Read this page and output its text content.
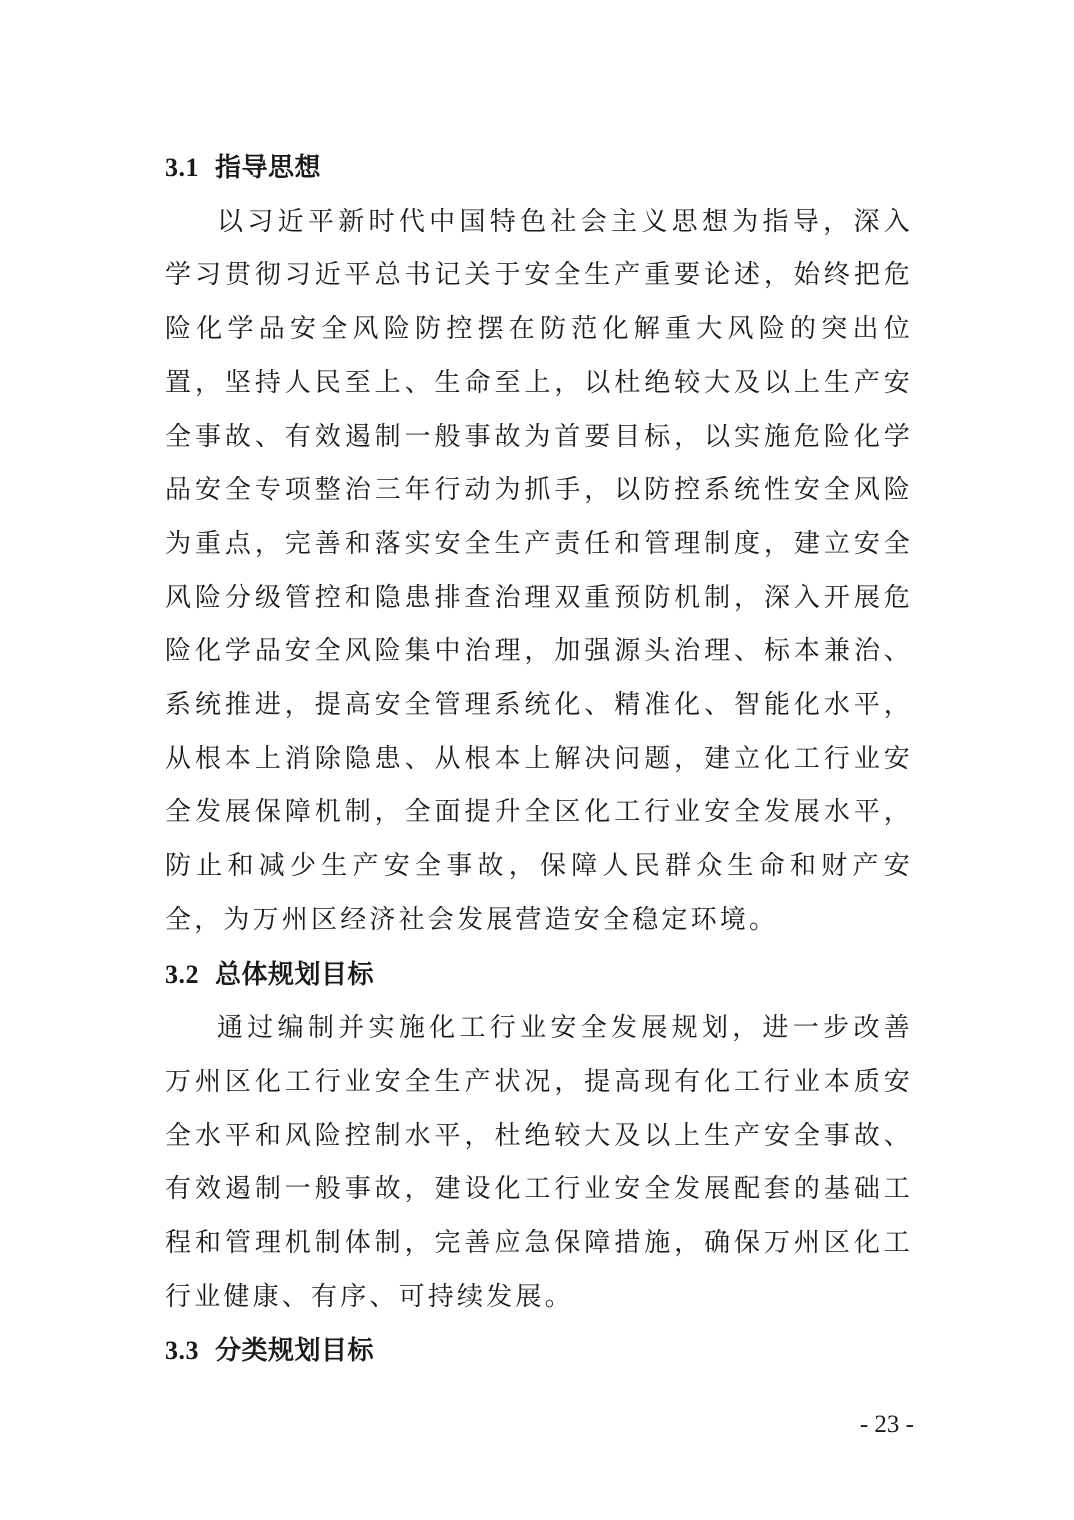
3.1 指导思想

以习近平新时代中国特色社会主义思想为指导，深入学习贯彻习近平总书记关于安全生产重要论述，始终把危险化学品安全风险防控摆在防范化解重大风险的突出位置，坚持人民至上、生命至上，以杜绝较大及以上生产安全事故、有效遏制一般事故为首要目标，以实施危险化学品安全专项整治三年行动为抓手，以防控系统性安全风险为重点，完善和落实安全生产责任和管理制度，建立安全风险分级管控和隐患排查治理双重预防机制，深入开展危险化学品安全风险集中治理，加强源头治理、标本兼治、系统推进，提高安全管理系统化、精准化、智能化水平，从根本上消除隐患、从根本上解决问题，建立化工行业安全发展保障机制，全面提升全区化工行业安全发展水平，防止和减少生产安全事故，保障人民群众生命和财产安全，为万州区经济社会发展营造安全稳定环境。

3.2 总体规划目标

通过编制并实施化工行业安全发展规划，进一步改善万州区化工行业安全生产状况，提高现有化工行业本质安全水平和风险控制水平，杜绝较大及以上生产安全事故、有效遏制一般事故，建设化工行业安全发展配套的基础工程和管理机制体制，完善应急保障措施，确保万州区化工行业健康、有序、可持续发展。

3.3 分类规划目标
- 23 -
